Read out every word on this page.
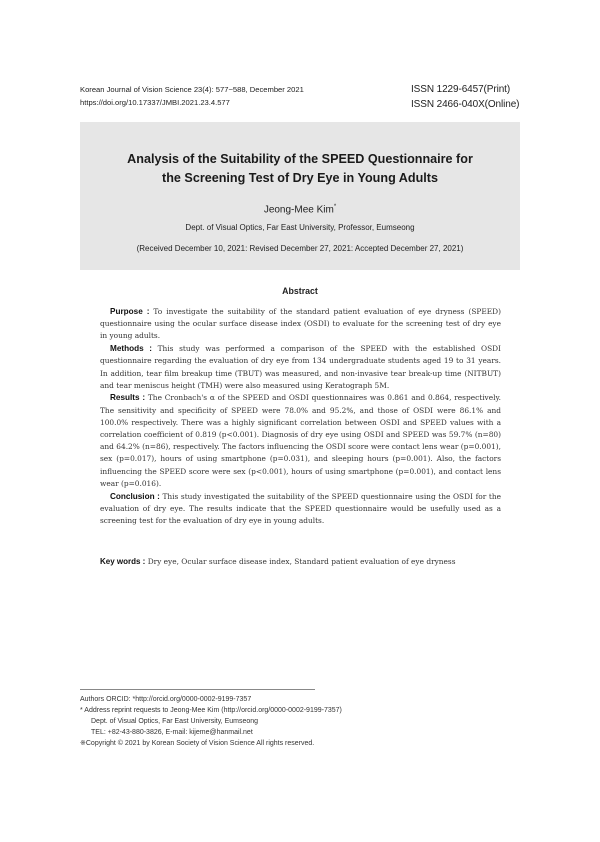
Korean Journal of Vision Science 23(4): 577~588, December 2021
https://doi.org/10.17337/JMBI.2021.23.4.577
ISSN 1229-6457(Print)
ISSN 2466-040X(Online)
Analysis of the Suitability of the SPEED Questionnaire for
the Screening Test of Dry Eye in Young Adults
Jeong-Mee Kim*
Dept. of Visual Optics, Far East University, Professor, Eumseong
(Received December 10, 2021: Revised December 27, 2021: Accepted December 27, 2021)
Abstract

Purpose : To investigate the suitability of the standard patient evaluation of eye dryness (SPEED) questionnaire using the ocular surface disease index (OSDI) to evaluate for the screening test of dry eye in young adults.

Methods : This study was performed a comparison of the SPEED with the established OSDI questionnaire regarding the evaluation of dry eye from 134 undergraduate students aged 19 to 31 years. In addition, tear film breakup time (TBUT) was measured, and non-invasive tear break-up time (NITBUT) and tear meniscus height (TMH) were also measured using Keratograph 5M.

Results : The Cronbach's α of the SPEED and OSDI questionnaires was 0.861 and 0.864, respectively. The sensitivity and specificity of SPEED were 78.0% and 95.2%, and those of OSDI were 86.1% and 100.0% respectively. There was a highly significant correlation between OSDI and SPEED values with a correlation coefficient of 0.819 (p<0.001). Diagnosis of dry eye using OSDI and SPEED was 59.7% (n=80) and 64.2% (n=86), respectively. The factors influencing the OSDI score were contact lens wear (p=0.001), sex (p=0.017), hours of using smartphone (p=0.031), and sleeping hours (p=0.001). Also, the factors influencing the SPEED score were sex (p<0.001), hours of using smartphone (p=0.001), and contact lens wear (p=0.016).

Conclusion : This study investigated the suitability of the SPEED questionnaire using the OSDI for the evaluation of dry eye. The results indicate that the SPEED questionnaire would be usefully used as a screening test for the evaluation of dry eye in young adults.

Key words : Dry eye, Ocular surface disease index, Standard patient evaluation of eye dryness
Authors ORCID: *http://orcid.org/0000-0002-9199-7357
* Address reprint requests to Jeong-Mee Kim (http://orcid.org/0000-0002-9199-7357)
Dept. of Visual Optics, Far East University, Eumseong
TEL: +82-43-880-3826, E-mail: kijeme@hanmail.net
※Copyright © 2021 by Korean Society of Vision Science All rights reserved.
